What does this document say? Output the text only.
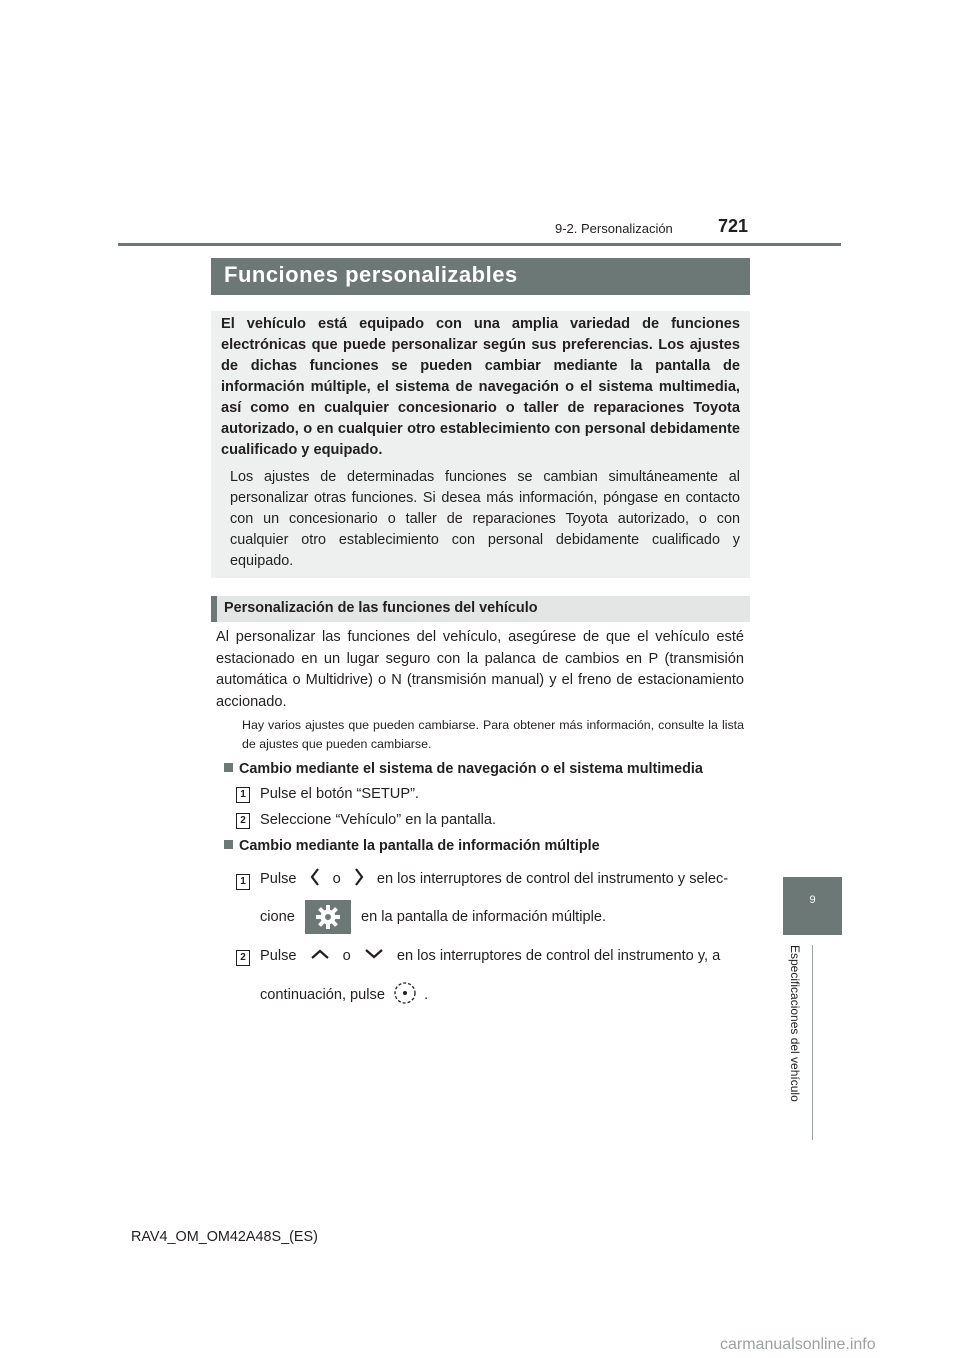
721
9-2. Personalización
Funciones personalizables
El vehículo está equipado con una amplia variedad de funciones electrónicas que puede personalizar según sus preferencias. Los ajustes de dichas funciones se pueden cambiar mediante la pantalla de información múltiple, el sistema de navegación o el sistema multimedia, así como en cualquier concesionario o taller de reparaciones Toyota autorizado, o en cualquier otro establecimiento con personal debidamente cualificado y equipado.
Los ajustes de determinadas funciones se cambian simultáneamente al personalizar otras funciones. Si desea más información, póngase en contacto con un concesionario o taller de reparaciones Toyota autorizado, o con cualquier otro establecimiento con personal debidamente cualificado y equipado.
Personalización de las funciones del vehículo
Al personalizar las funciones del vehículo, asegúrese de que el vehículo esté estacionado en un lugar seguro con la palanca de cambios en P (transmisión automática o Multidrive) o N (transmisión manual) y el freno de estacionamiento accionado.
Hay varios ajustes que pueden cambiarse. Para obtener más información, consulte la lista de ajustes que pueden cambiarse.
Cambio mediante el sistema de navegación o el sistema multimedia
1 Pulse el botón “SETUP”.
2 Seleccione “Vehículo” en la pantalla.
Cambio mediante la pantalla de información múltiple
1 Pulse o en los interruptores de control del instrumento y selec-
cione	en la pantalla de información múltiple.
2 Pulse	o	en los interruptores de control del instrumento y, a
continuación, pulse	.
9
Especificaciones del vehículo
RAV4_OM_OM42A48S_(ES)
carmanualsonline.info
